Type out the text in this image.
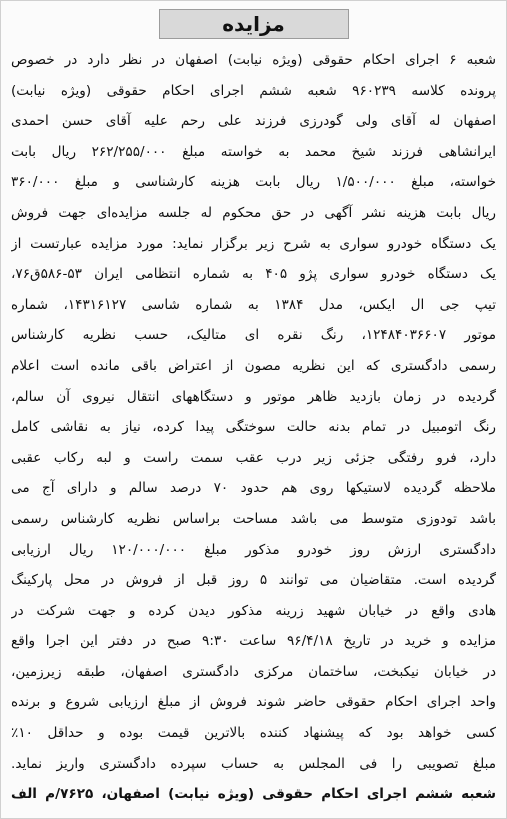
مزایده
شعبه ۶ اجرای احکام حقوقی (ویژه نیابت) اصفهان در نظر دارد در خصوص
پرونده کلاسه ۹۶۰۲۳۹ شعبه ششم اجرای احکام حقوقی (ویژه نیابت)
اصفهان له آقای ولی گودرزی فرزند علی رحم علیه آقای حسن احمدی
ایرانشاهی فرزند شیخ محمد به خواسته مبلغ ۲۶۲/۲۵۵/۰۰۰ ریال بابت
خواسته، مبلغ ۱/۵۰۰/۰۰۰ ریال بابت هزینه کارشناسی و مبلغ ۳۶۰/۰۰۰
ریال بابت هزینه نشر آگهی در حق محکوم له جلسه مزایده‌ای جهت فروش
یک دستگاه خودرو سواری به شرح زیر برگزار نماید: مورد مزایده عبارتست از
یک دستگاه خودرو سواری پژو ۴۰۵ به شماره انتظامی ایران ۵۳-۵۸۶ق۷۶،
تیپ جی ال ایکس، مدل ۱۳۸۴ به شماره شاسی ۱۴۳۱۶۱۲۷، شماره
موتور ۱۲۴۸۴۰۳۶۶۰۷، رنگ نقره ای متالیک، حسب نظریه کارشناس
رسمی دادگستری که این نظریه مصون از اعتراض باقی مانده است اعلام
گردیده در زمان بازدید ظاهر موتور و دستگاههای انتقال نیروی آن سالم،
رنگ اتومبیل در تمام بدنه حالت سوختگی پیدا کرده، نیاز به نقاشی کامل
دارد، فرو رفتگی جزئی زیر درب عقب سمت راست و لبه رکاب عقبی
ملاحظه گردیده لاستیکها روی هم حدود ۷۰ درصد سالم و دارای آج می
باشد تودوزی متوسط می باشد مساحت براساس نظریه کارشناس رسمی
دادگستری ارزش روز خودرو مذکور مبلغ ۱۲۰/۰۰۰/۰۰۰ ریال ارزیابی
گردیده است. متقاضیان می توانند ۵ روز قبل از فروش در محل پارکینگ
هادی واقع در خیابان شهید زرینه مذکور دیدن کرده و جهت شرکت در
مزایده و خرید در تاریخ ۹۶/۴/۱۸ ساعت ۹:۳۰ صبح در دفتر این اجرا واقع
در خیابان نیکبخت، ساختمان مرکزی دادگستری اصفهان، طبقه زیرزمین،
واحد اجرای احکام حقوقی حاضر شوند فروش از مبلغ ارزیابی شروع و برنده
کسی خواهد بود که پیشنهاد کننده بالاترین قیمت بوده و حداقل ۱۰٪
مبلغ تصویبی را فی المجلس به حساب سپرده دادگستری واریز نماید.
شعبه ششم اجرای احکام حقوقی (ویژه نیابت) اصفهان، ۷۶۲۵/م الف
